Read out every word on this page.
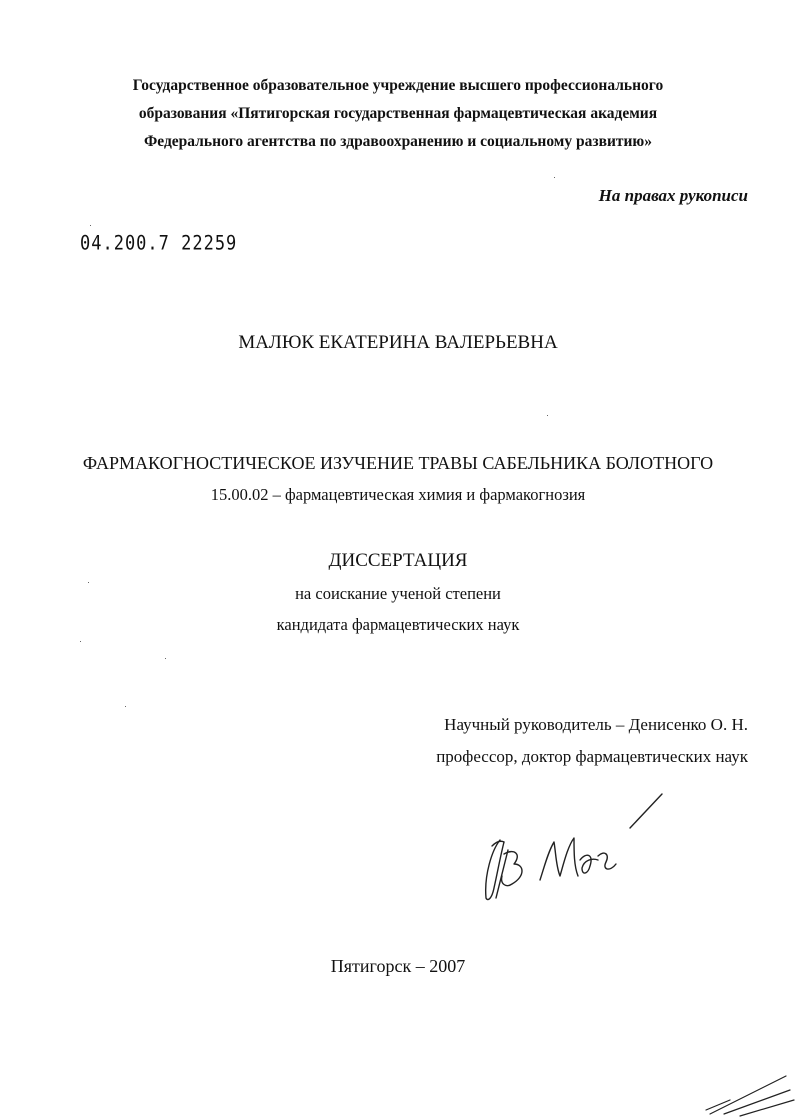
Государственное образовательное учреждение высшего профессионального
образования «Пятигорская государственная фармацевтическая академия
Федерального агентства по здравоохранению и социальному развитию»
На правах рукописи
04.200.7 22259
МАЛЮК ЕКАТЕРИНА ВАЛЕРЬЕВНА
ФАРМАКОГНОСТИЧЕСКОЕ ИЗУЧЕНИЕ ТРАВЫ САБЕЛЬНИКА БОЛОТНОГО
15.00.02 – фармацевтическая химия и фармакогнозия
ДИССЕРТАЦИЯ
на соискание ученой степени
кандидата фармацевтических наук
Научный руководитель – Денисенко О. Н.
профессор, доктор фармацевтических наук
Пятигорск – 2007
